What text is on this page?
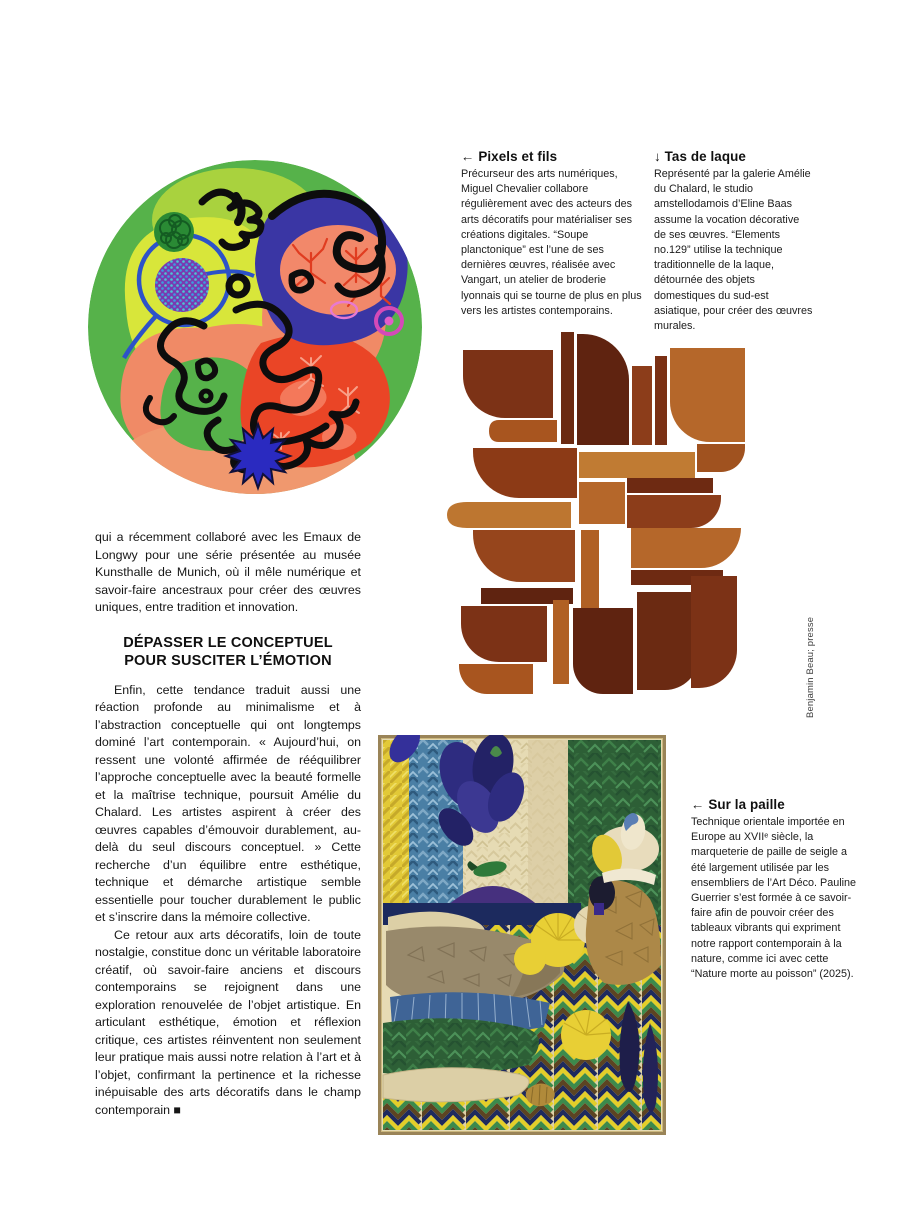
← Pixels et fils

Précurseur des arts numériques, Miguel Chevalier collabore régulièrement avec des acteurs des arts décoratifs pour matérialiser ses créations digitales. “Soupe planctonique” est l’une de ses dernières œuvres, réalisée avec Vangart, un atelier de broderie lyonnais qui se tourne de plus en plus vers les artistes contemporains.

↓ Tas de laque

Représenté par la galerie Amélie du Chalard, le studio amstellodamois d’Eline Baas assume la vocation décorative de ses œuvres. “Elements no.129” utilise la technique traditionnelle de la laque, détournée des objets domestiques du sud-est asiatique, pour créer des œuvres murales.

Benjamin Beau; presse

qui a récemment collaboré avec les Emaux de Longwy pour une série présentée au musée Kunsthalle de Munich, où il mêle numérique et savoir-faire ancestraux pour créer des œuvres uniques, entre tradition et innovation.

DÉPASSER LE CONCEPTUEL
POUR SUSCITER L’ÉMOTION

Enfin, cette tendance traduit aussi une réaction profonde au minimalisme et à l’abstraction conceptuelle qui ont longtemps dominé l’art contemporain. « Aujourd’hui, on ressent une volonté affirmée de rééquilibrer l’approche conceptuelle avec la beauté formelle et la maîtrise technique, poursuit Amélie du Chalard. Les artistes aspirent à créer des œuvres capables d’émouvoir durablement, au-delà du seul discours conceptuel. » Cette recherche d’un équilibre entre esthétique, technique et démarche artistique semble essentielle pour toucher durablement le public et s’inscrire dans la mémoire collective.

Ce retour aux arts décoratifs, loin de toute nostalgie, constitue donc un véritable laboratoire créatif, où savoir-faire anciens et discours contemporains se rejoignent dans une exploration renouvelée de l’objet artistique. En articulant esthétique, émotion et réflexion critique, ces artistes réinventent non seulement leur pratique mais aussi notre relation à l’art et à l’objet, confirmant la pertinence et la richesse inépuisable des arts décoratifs dans le champ contemporain ■

← Sur la paille

Technique orientale importée en Europe au XVIIᵉ siècle, la marqueterie de paille de seigle a été largement utilisée par les ensembliers de l’Art Déco. Pauline Guerrier s’est formée à ce savoir-faire afin de pouvoir créer des tableaux vibrants qui expriment notre rapport contemporain à la nature, comme ici avec cette “Nature morte au poisson” (2025).
